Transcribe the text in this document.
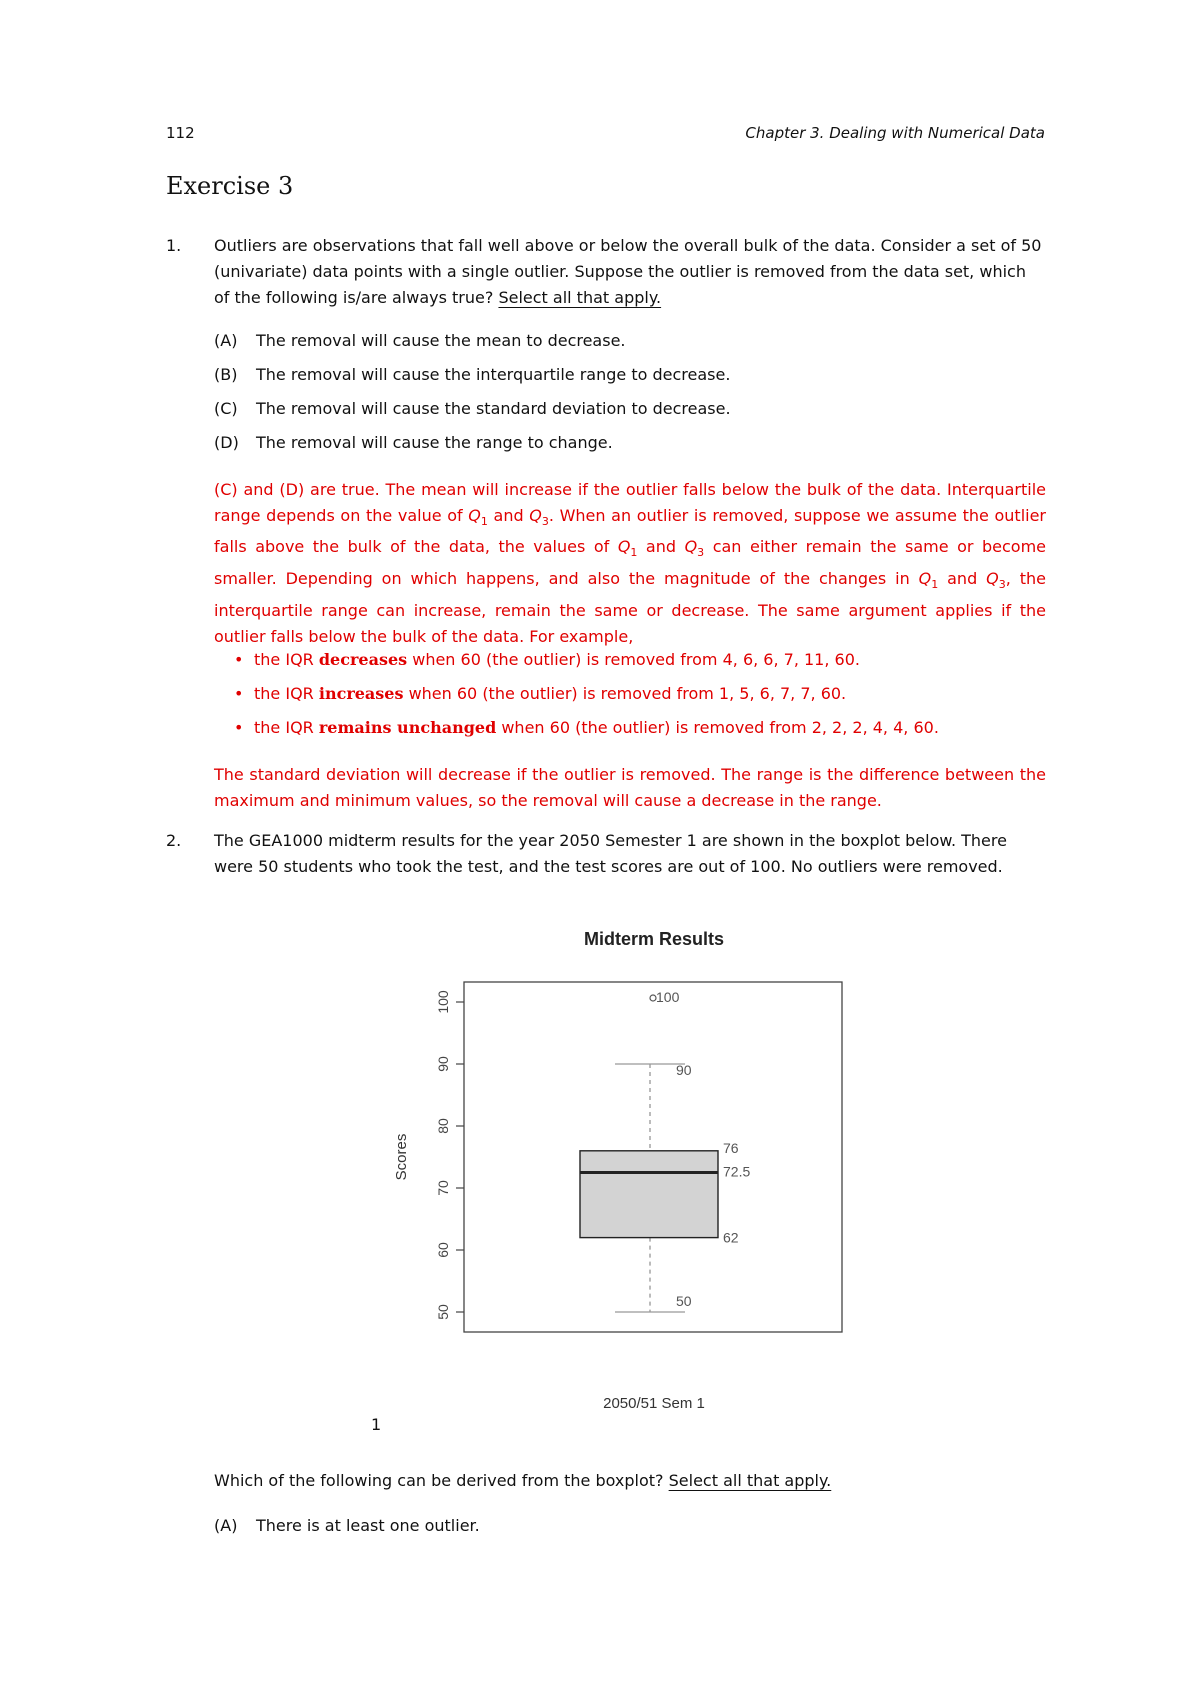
112	Chapter 3. Dealing with Numerical Data
Exercise 3
1. Outliers are observations that fall well above or below the overall bulk of the data. Consider a set of 50 (univariate) data points with a single outlier. Suppose the outlier is removed from the data set, which of the following is/are always true? Select all that apply.
(A) The removal will cause the mean to decrease.
(B) The removal will cause the interquartile range to decrease.
(C) The removal will cause the standard deviation to decrease.
(D) The removal will cause the range to change.
(C) and (D) are true. The mean will increase if the outlier falls below the bulk of the data. Interquartile range depends on the value of $Q_1$ and $Q_3$. When an outlier is removed, suppose we assume the outlier falls above the bulk of the data, the values of $Q_1$ and $Q_3$ can either remain the same or become smaller. Depending on which happens, and also the magnitude of the changes in $Q_1$ and $Q_3$, the interquartile range can increase, remain the same or decrease. The same argument applies if the outlier falls below the bulk of the data. For example,
• the IQR decreases when 60 (the outlier) is removed from 4, 6, 6, 7, 11, 60.
• the IQR increases when 60 (the outlier) is removed from 1, 5, 6, 7, 7, 60.
• the IQR remains unchanged when 60 (the outlier) is removed from 2, 2, 2, 4, 4, 60.
The standard deviation will decrease if the outlier is removed. The range is the difference between the maximum and minimum values, so the removal will cause a decrease in the range.
2. The GEA1000 midterm results for the year 2050 Semester 1 are shown in the boxplot below. There were 50 students who took the test, and the test scores are out of 100. No outliers were removed.
Midterm Results
Scores
2050/51 Sem 1
50
60
70
80
90
100	100
90
76
72.5
62
50
1
Which of the following can be derived from the boxplot? Select all that apply.
(A) There is at least one outlier.
